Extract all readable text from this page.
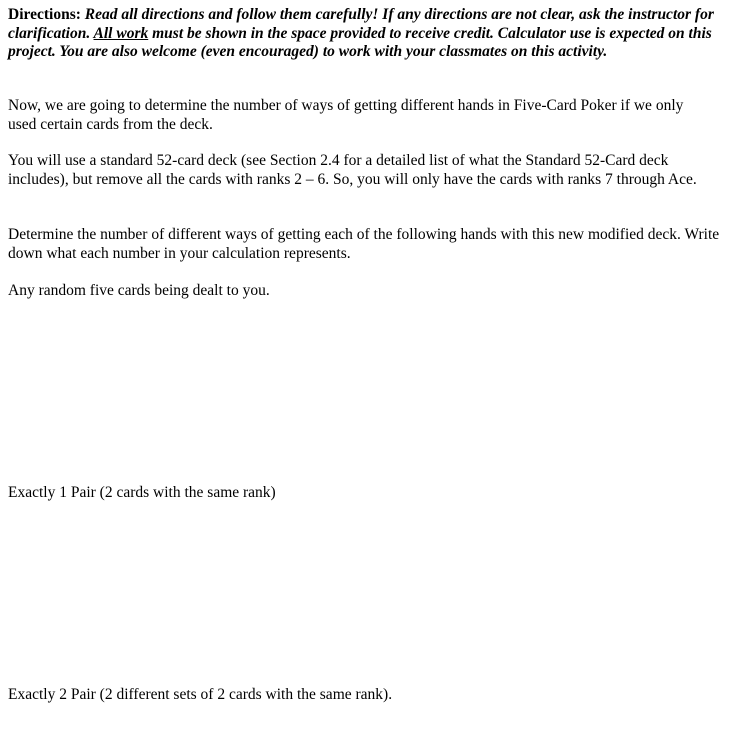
Directions: Read all directions and follow them carefully! If any directions are not clear, ask the instructor for clarification. All work must be shown in the space provided to receive credit. Calculator use is expected on this project. You are also welcome (even encouraged) to work with your classmates on this activity.

Now, we are going to determine the number of ways of getting different hands in Five-Card Poker if we only used certain cards from the deck.

You will use a standard 52-card deck (see Section 2.4 for a detailed list of what the Standard 52-Card deck includes), but remove all the cards with ranks 2 – 6. So, you will only have the cards with ranks 7 through Ace.

Determine the number of different ways of getting each of the following hands with this new modified deck. Write down what each number in your calculation represents.

Any random five cards being dealt to you.

Exactly 1 Pair (2 cards with the same rank)

Exactly 2 Pair (2 different sets of 2 cards with the same rank).
